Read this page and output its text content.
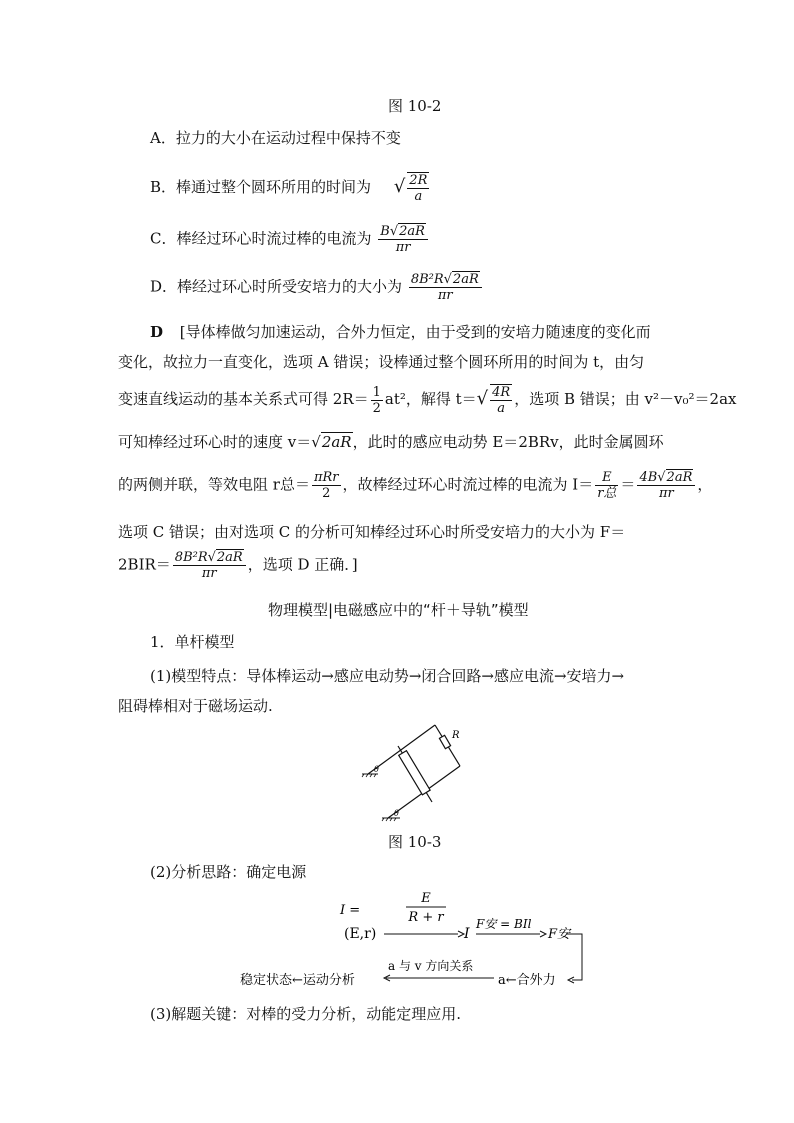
图 10-2
A．拉力的大小在运动过程中保持不变
B．棒通过整个圆环所用的时间为 √ $\frac{2R}{a}$
C．棒经过环心时流过棒的电流为 $\frac{B√2aR}{\pi r}$
D．棒经过环心时所受安培力的大小为 $\frac{\text{8B²R√2aR}}{\pi r}$
D [导体棒做匀加速运动，合外力恒定，由于受到的安培力随速度的变化而
变化，故拉力一直变化，选项 A 错误；设棒通过整个圆环所用的时间为 t，由匀
变速直线运动的基本关系式可得 $2R= \frac{1}{2} at^2$，解得 $t=√ \frac{4R}{a}$ ，选项 B 错误；由 v²－v₀²＝2ax
可知棒经过环心时的速度 v＝√2aR，此时的感应电动势 E＝2BRv，此时金属圆环
的两侧并联，等效电阻 r总＝ $\frac{\text{πRr}}{2}$ ，故棒经过环心时流过棒的电流为 $I= \frac{E}{\text{r总}} = \frac{4B√2aR}{\pi r}$ ，
选项 C 错误；由对选项 C 的分析可知棒经过环心时所受安培力的大小为 F＝
$2BIR= \frac{\text{8B²R√2aR}}{\pi r}$ ，选项 D 正确．]
物理模型|电磁感应中的“杆＋导轨”模型
1．单杆模型
(1)模型特点：导体棒运动→感应电动势→闭合回路→感应电流→安培力→
阻碍棒相对于磁场运动.
R
θ
θ
图 10-3
(2)分析思路：确定电源
I =
E
R + r
(E,r)	I
F安 = BIl
F安
稳定状态←运动分析
a 与 v 方向关系
a←合外力
(3)解题关键：对棒的受力分析，动能定理应用.
